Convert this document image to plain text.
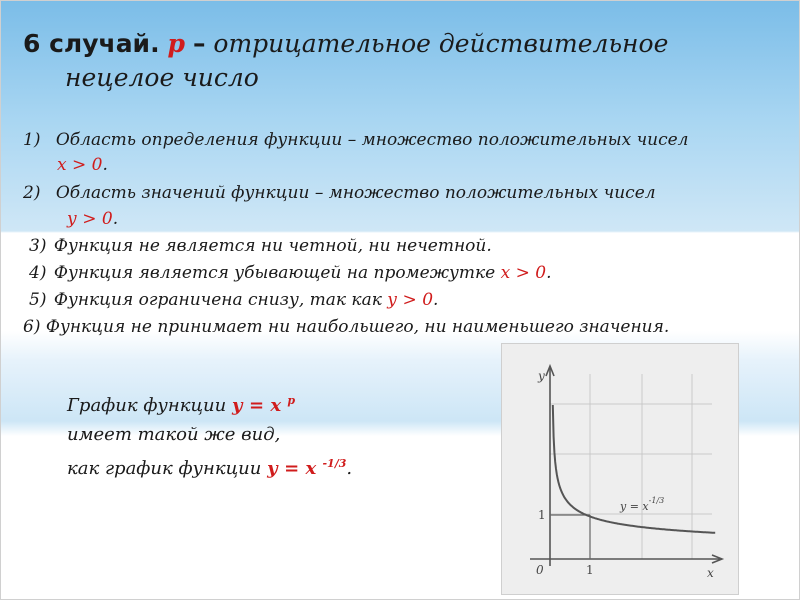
6 случай. р – отрицательное действительное
нецелое число
1) Область определения функции – множество положительных чисел
х > 0.
2) Область значений функции – множество положительных чисел
у > 0.
3) Функция не является ни четной, ни нечетной.
4) Функция является убывающей на промежутке х > 0.
5) Функция ограничена снизу, так как у > 0.
6) Функция не принимает ни наибольшего, ни наименьшего значения.
График функции у = х $^р$
имеет такой же вид,
как график функции у = х $^{-1/3}$.
y
x
0	1
1
$y = x^{-1/3}$
